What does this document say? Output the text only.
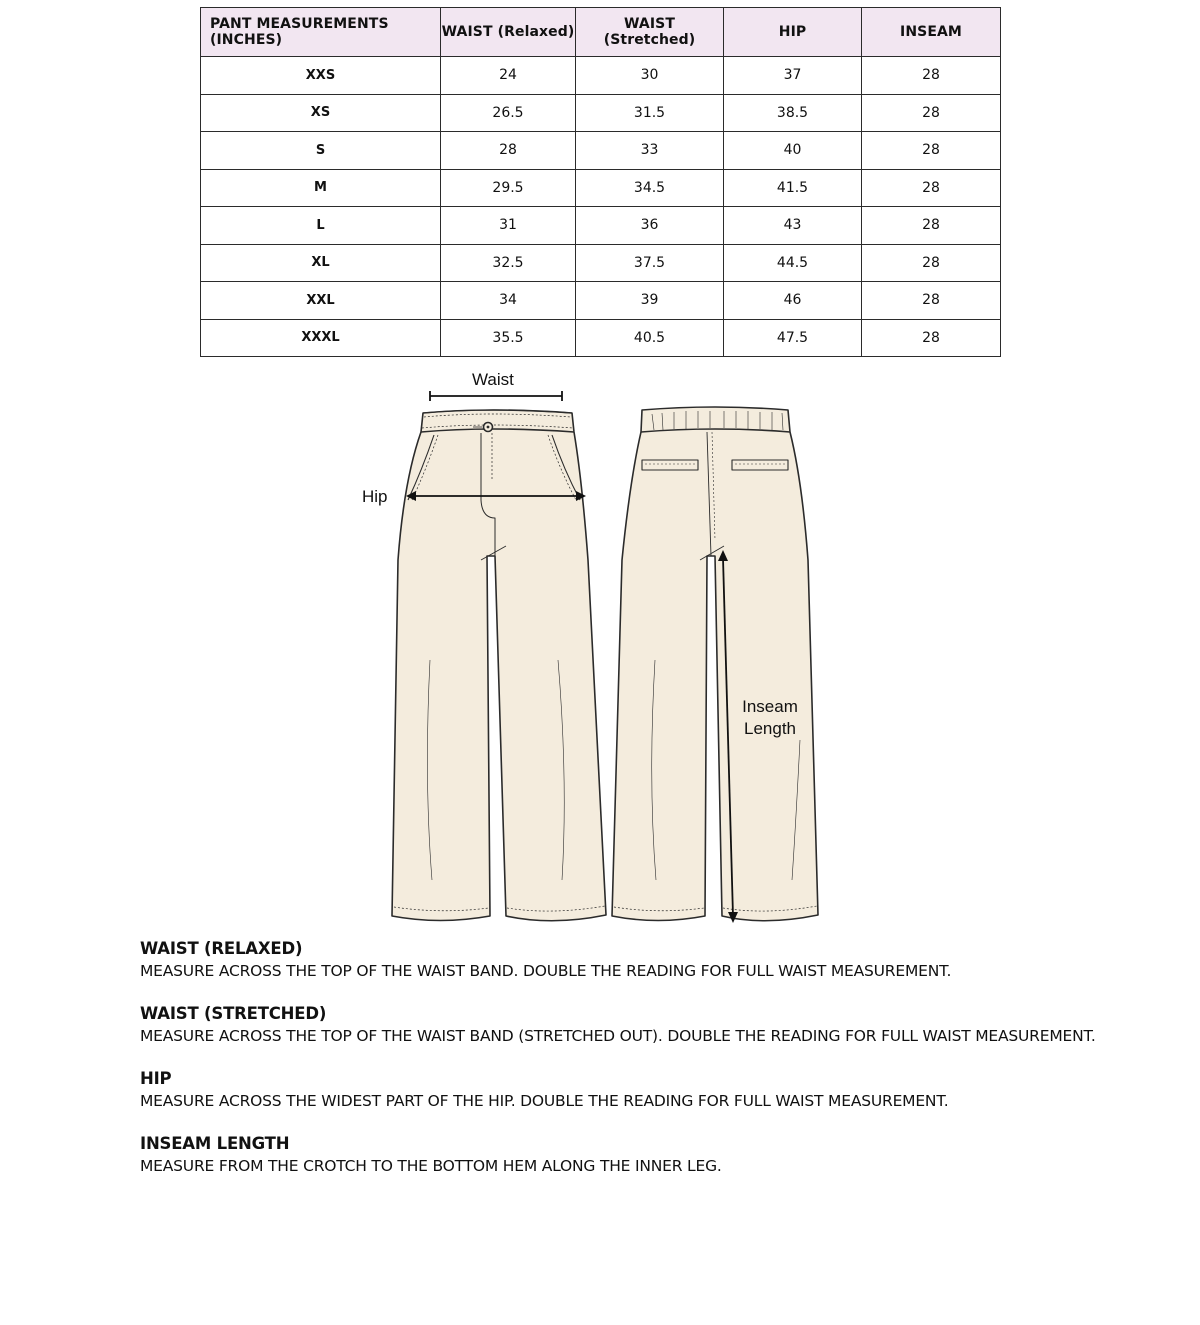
PANT MEASUREMENTS (INCHES)	WAIST (Relaxed)	WAIST (Stretched)	HIP	INSEAM
XXS	24	30	37	28
XS	26.5	31.5	38.5	28
S	28	33	40	28
M	29.5	34.5	41.5	28
L	31	36	43	28
XL	32.5	37.5	44.5	28
XXL	34	39	46	28
XXXL	35.5	40.5	47.5	28
Waist
Hip
Inseam
Length
WAIST (RELAXED)
MEASURE ACROSS THE TOP OF THE WAIST BAND. DOUBLE THE READING FOR FULL WAIST MEASUREMENT.
WAIST (STRETCHED)
MEASURE ACROSS THE TOP OF THE WAIST BAND (STRETCHED OUT). DOUBLE THE READING FOR FULL WAIST MEASUREMENT.
HIP
MEASURE ACROSS THE WIDEST PART OF THE HIP. DOUBLE THE READING FOR FULL WAIST MEASUREMENT.
INSEAM LENGTH
MEASURE FROM THE CROTCH TO THE BOTTOM HEM ALONG THE INNER LEG.
